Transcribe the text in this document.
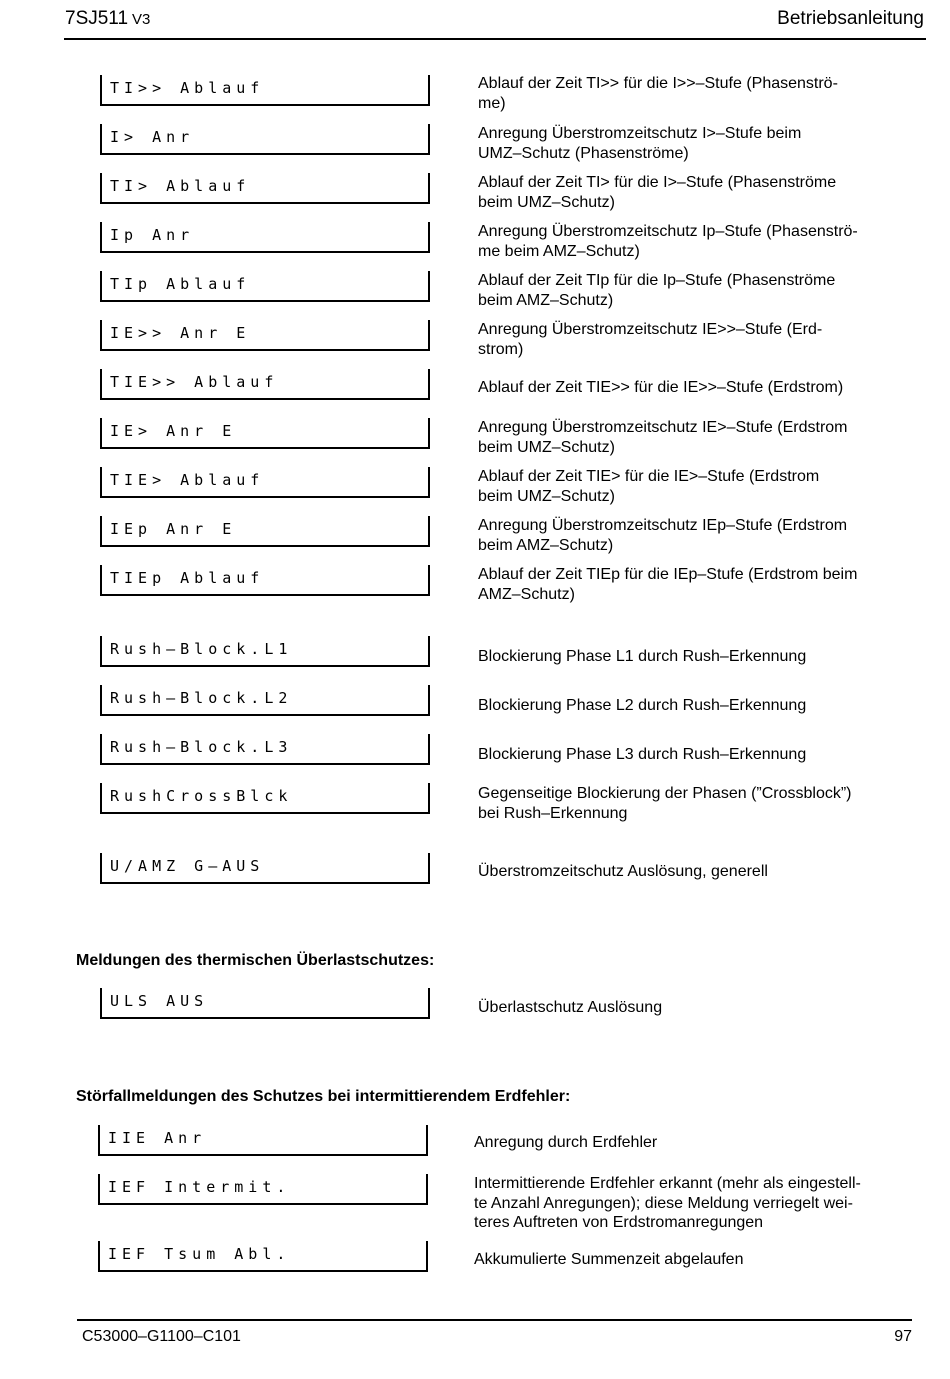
7SJ511 V3	Betriebsanleitung
TI>> Ablauf	Ablauf der Zeit TI>> für die I>>–Stufe (Phasenströ-
me)
I> Anr	Anregung Überstromzeitschutz I>–Stufe beim
UMZ–Schutz (Phasenströme)
TI> Ablauf	Ablauf der Zeit TI> für die I>–Stufe (Phasenströme
beim UMZ–Schutz)
Ip Anr	Anregung Überstromzeitschutz Ip–Stufe (Phasenströ-
me beim AMZ–Schutz)
TIp Ablauf	Ablauf der Zeit TIp für die Ip–Stufe (Phasenströme
beim AMZ–Schutz)
IE>> Anr E	Anregung Überstromzeitschutz IE>>–Stufe (Erd-
strom)
TIE>> Ablauf	Ablauf der Zeit TIE>> für die IE>>–Stufe (Erdstrom)
IE> Anr E	Anregung Überstromzeitschutz IE>–Stufe (Erdstrom
beim UMZ–Schutz)
TIE> Ablauf	Ablauf der Zeit TIE> für die IE>–Stufe (Erdstrom
beim UMZ–Schutz)
IEp Anr E	Anregung Überstromzeitschutz IEp–Stufe (Erdstrom
beim AMZ–Schutz)
TIEp Ablauf	Ablauf der Zeit TIEp für die IEp–Stufe (Erdstrom beim
AMZ–Schutz)
Rush–Block.L1	Blockierung Phase L1 durch Rush–Erkennung
Rush–Block.L2	Blockierung Phase L2 durch Rush–Erkennung
Rush–Block.L3	Blockierung Phase L3 durch Rush–Erkennung
RushCrossBlck	Gegenseitige Blockierung der Phasen (”Crossblock”)
bei Rush–Erkennung
U/AMZ G–AUS	Überstromzeitschutz Auslösung, generell
Meldungen des thermischen Überlastschutzes:
ULS AUS	Überlastschutz Auslösung
Störfallmeldungen des Schutzes bei intermittierendem Erdfehler:
IIE Anr	Anregung durch Erdfehler
IEF Intermit.	Intermittierende Erdfehler erkannt (mehr als eingestell-
te Anzahl Anregungen); diese Meldung verriegelt wei-
teres Auftreten von Erdstromanregungen
IEF Tsum Abl.	Akkumulierte Summenzeit abgelaufen
C53000–G1100–C101	97
